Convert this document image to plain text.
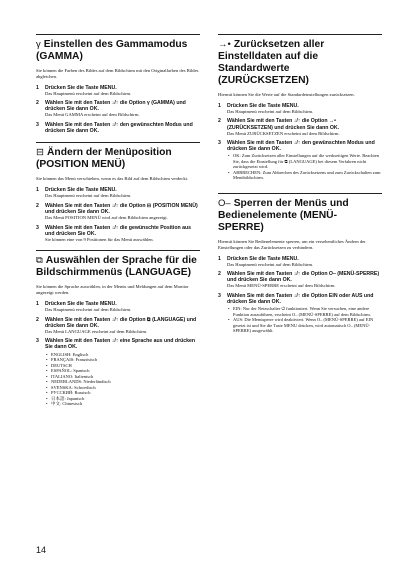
γ Einstellen des Gammamodus (GAMMA)

Sie können die Farben des Bildes auf dem Bildschirm mit den Originalfarben des Bildes abgleichen.

1 Drücken Sie die Taste MENU.

Das Hauptmenü erscheint auf dem Bildschirm.

2 Wählen Sie mit den Tasten ↓/↑ die Option γ (GAMMA) und drücken Sie dann OK.

Das Menü GAMMA erscheint auf dem Bildschirm.

3 Wählen Sie mit den Tasten ↓/↑ den gewünschten Modus und drücken Sie dann OK.

⊟ Ändern der Menüposition (POSITION MENÜ)

Sie können das Menü verschieben, wenn es das Bild auf dem Bildschirm verdeckt.

1 Drücken Sie die Taste MENU.

Das Hauptmenü erscheint auf dem Bildschirm.

2 Wählen Sie mit den Tasten ↓/↑ die Option ⊟ (POSITION MENÜ) und drücken Sie dann OK.

Das Menü POSITION MENÜ wird auf dem Bildschirm angezeigt.

3 Wählen Sie mit den Tasten ↓/↑ die gewünschte Position aus und drücken Sie OK.

Sie können eine von 9 Positionen für das Menü auswählen.

⧉ Auswählen der Sprache für die Bildschirmmenüs (LANGUAGE)

Sie können die Sprache auswählen, in der Menüs und Meldungen auf dem Monitor angezeigt werden.

1 Drücken Sie die Taste MENU.

Das Hauptmenü erscheint auf dem Bildschirm.

2 Wählen Sie mit den Tasten ↓/↑ die Option ⧉ (LANGUAGE) und drücken Sie dann OK.

Das Menü LANGUAGE erscheint auf dem Bildschirm.

3 Wählen Sie mit den Tasten ↓/↑ eine Sprache aus und drücken Sie dann OK.

• ENGLISH: Englisch
• FRANÇAIS: Französisch
• DEUTSCH
• ESPAÑOL: Spanisch
• ITALIANO: Italienisch
• NEDERLANDS: Niederländisch
• SVENSKA: Schwedisch
• РУССКИЙ: Russisch
• 日本語: Japanisch
• 中文: Chinesisch
→• Zurücksetzen aller Einstelldaten auf die Standardwerte (ZURÜCKSETZEN)

Hiermit können Sie die Werte auf die Standardeinstellungen zurücksetzen.

1 Drücken Sie die Taste MENU.

Das Hauptmenü erscheint auf dem Bildschirm.

2 Wählen Sie mit den Tasten ↓/↑ die Option →• (ZURÜCKSETZEN) und drücken Sie dann OK.

Das Menü ZURÜCKSETZEN erscheint auf dem Bildschirm.

3 Wählen Sie mit den Tasten ↓/↑ den gewünschten Modus und drücken Sie dann OK.

• OK: Zum Zurücksetzen aller Einstellungen auf die werkseitigen Werte. Beachten Sie, dass die Einstellung für ⧉ (LANGUAGE) bei diesem Verfahren nicht zurückgesetzt wird.
• ABBRECHEN: Zum Abbrechen des Zurücksetzens und zum Zurückschalten zum Menübildschirm.
O‒ Sperren der Menüs und Bedienelemente (MENÜ-SPERRE)

Hiermit können Sie Bedienelemente sperren, um ein versehentliches Ändern der Einstellungen oder das Zurücksetzen zu verhindern.

1 Drücken Sie die Taste MENU.

Das Hauptmenü erscheint auf dem Bildschirm.

2 Wählen Sie mit den Tasten ↓/↑ die Option O‒ (MENÜ-SPERRE) und drücken Sie dann OK.

Das Menü MENÜ-SPERRE erscheint auf dem Bildschirm.

3 Wählen Sie mit den Tasten ↓/↑ die Option EIN oder AUS und drücken Sie dann OK.

• EIN: Nur der Netzschalter ⏻ funktioniert. Wenn Sie versuchen, eine andere Funktion auszuführen, erscheint O‒ (MENÜ-SPERRE) auf dem Bildschirm.
• AUS: Die Menüsperre wird deaktiviert. Wenn O‒ (MENÜ-SPERRE) auf EIN gesetzt ist und Sie die Taste MENU drücken, wird automatisch O‒ (MENÜ-SPERRE) ausgewählt.
14
